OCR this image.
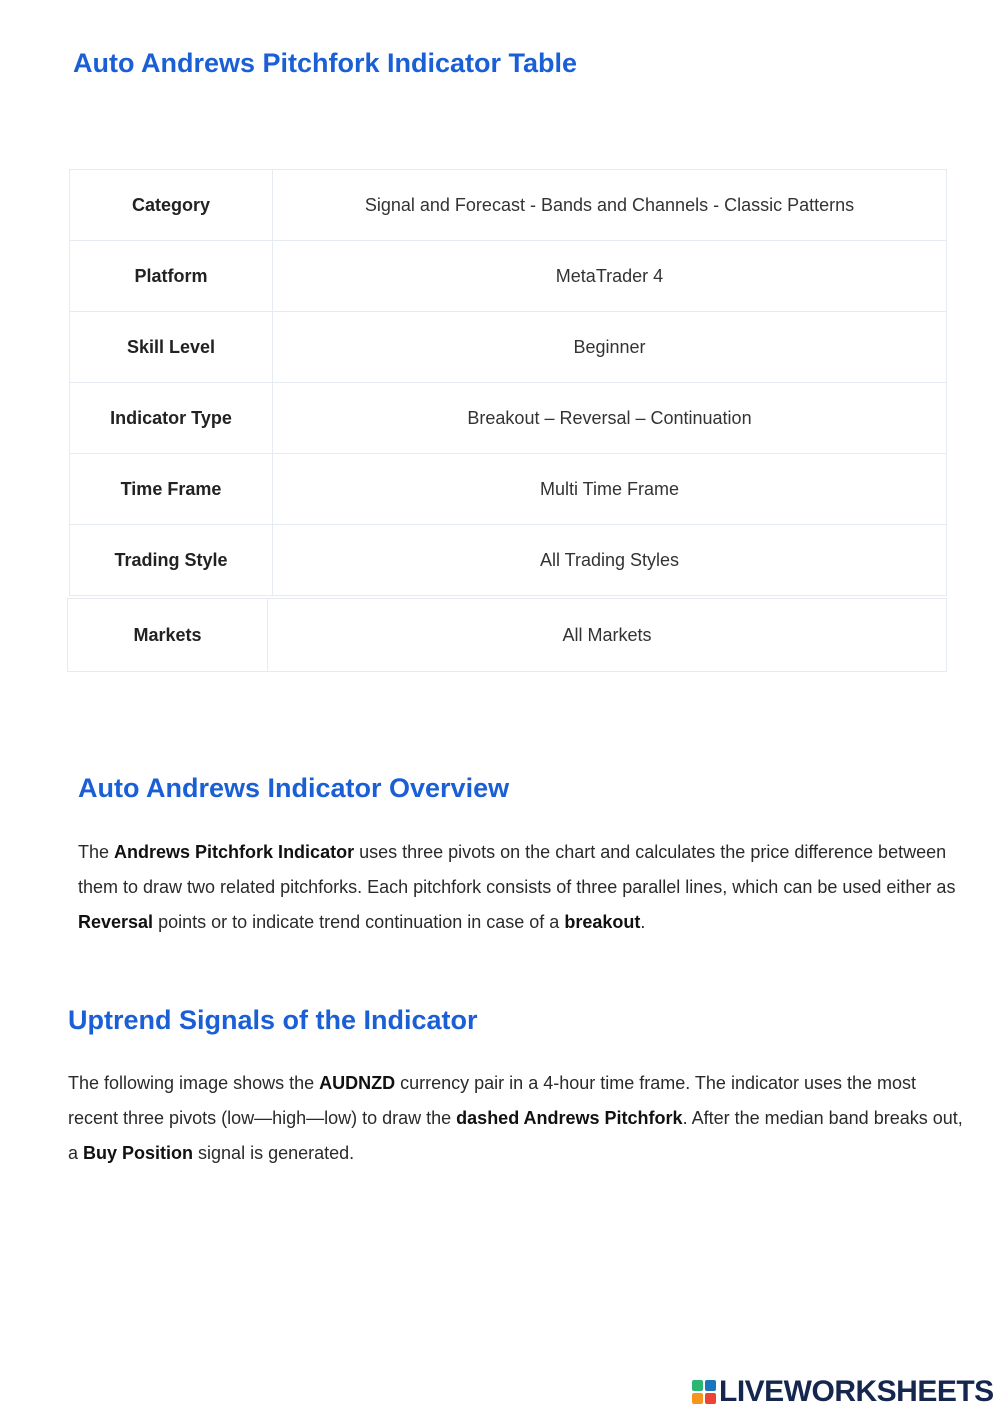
Auto Andrews Pitchfork Indicator Table
Category	Signal and Forecast - Bands and Channels - Classic Patterns
Platform	MetaTrader 4
Skill Level	Beginner
Indicator Type	Breakout – Reversal – Continuation
Time Frame	Multi Time Frame
Trading Style	All Trading Styles
Markets	All Markets
Auto Andrews Indicator Overview

The Andrews Pitchfork Indicator uses three pivots on the chart and calculates the price difference between them to draw two related pitchforks. Each pitchfork consists of three parallel lines, which can be used either as Reversal points or to indicate trend continuation in case of a breakout.

Uptrend Signals of the Indicator

The following image shows the AUDNZD currency pair in a 4-hour time frame. The indicator uses the most recent three pivots (low—high—low) to draw the dashed Andrews Pitchfork. After the median band breaks out, a Buy Position signal is generated.

LIVEWORKSHEETS
